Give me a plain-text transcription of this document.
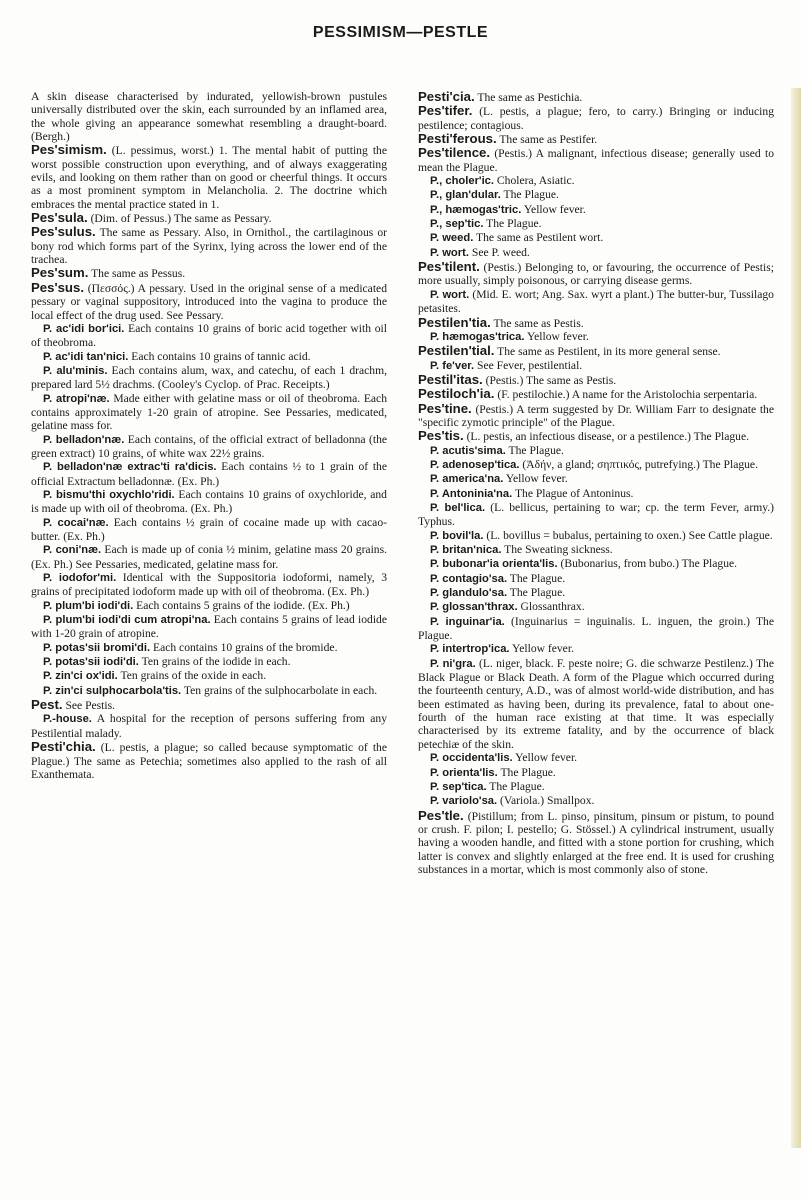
PESSIMISM—PESTLE

A skin disease characterised by indurated, yellowish-brown pustules universally distributed over the skin, each surrounded by an inflamed area, the whole giving an appearance somewhat resembling a draught-board. (Bergh.)

Pes'simism. (L. pessimus, worst.) 1. The mental habit of putting the worst possible construction upon everything, and of always exaggerating evils, and looking on them rather than on good or cheerful things. It occurs as a most prominent symptom in Melancholia. 2. The doctrine which embraces the mental practice stated in 1.

Pes'sula. (Dim. of Pessus.) The same as Pessary.

Pes'sulus. The same as Pessary. Also, in Ornithol., the cartilaginous or bony rod which forms part of the Syrinx, lying across the lower end of the trachea.

Pes'sum. The same as Pessus.

Pes'sus. (Πεσσός.) A pessary. Used in the original sense of a medicated pessary or vaginal suppository, introduced into the vagina to produce the local effect of the drug used. See Pessary.

P. ac'idi bor'ici. Each contains 10 grains of boric acid together with oil of theobroma.

P. ac'idi tan'nici. Each contains 10 grains of tannic acid.

P. alu'minis. Each contains alum, wax, and catechu, of each 1 drachm, prepared lard 5½ drachms. (Cooley's Cyclop. of Prac. Receipts.)

P. atropi'næ. Made either with gelatine mass or oil of theobroma. Each contains approximately 1-20 grain of atropine. See Pessaries, medicated, gelatine mass for.

P. belladon'næ. Each contains, of the official extract of belladonna (the green extract) 10 grains, of white wax 22½ grains.

P. belladon'næ extrac'ti ra'dicis. Each contains ½ to 1 grain of the official Extractum belladonnæ. (Ex. Ph.)

P. bismu'thi oxychlo'ridi. Each contains 10 grains of oxychloride, and is made up with oil of theobroma. (Ex. Ph.)

P. cocai'næ. Each contains ½ grain of cocaine made up with cacao-butter. (Ex. Ph.)

P. coni'næ. Each is made up of conia ½ minim, gelatine mass 20 grains. (Ex. Ph.) See Pessaries, medicated, gelatine mass for.

P. iodofor'mi. Identical with the Suppositoria iodoformi, namely, 3 grains of precipitated iodoform made up with oil of theobroma. (Ex. Ph.)

P. plum'bi iodi'di. Each contains 5 grains of the iodide. (Ex. Ph.)

P. plum'bi iodi'di cum atropi'na. Each contains 5 grains of lead iodide with 1-20 grain of atropine.

P. potas'sii bromi'di. Each contains 10 grains of the bromide.

P. potas'sii iodi'di. Ten grains of the iodide in each.

P. zin'ci ox'idi. Ten grains of the oxide in each.

P. zin'ci sulphocarbola'tis. Ten grains of the sulphocarbolate in each.

Pest. See Pestis.

P.-house. A hospital for the reception of persons suffering from any Pestilential malady.

Pesti'chia. (L. pestis, a plague; so called because symptomatic of the Plague.) The same as Petechia; sometimes also applied to the rash of all Exanthemata.

Pesti'cia. The same as Pestichia.

Pes'tifer. (L. pestis, a plague; fero, to carry.) Bringing or inducing pestilence; contagious.

Pesti'ferous. The same as Pestifer.

Pes'tilence. (Pestis.) A malignant, infectious disease; generally used to mean the Plague.

P., choler'ic. Cholera, Asiatic.

P., glan'dular. The Plague.

P., hæmogas'tric. Yellow fever.

P., sep'tic. The Plague.

P. weed. The same as Pestilent wort.

P. wort. See P. weed.

Pes'tilent. (Pestis.) Belonging to, or favouring, the occurrence of Pestis; more usually, simply poisonous, or carrying disease germs.

P. wort. (Mid. E. wort; Ang. Sax. wyrt a plant.) The butter-bur, Tussilago petasites.

Pestilen'tia. The same as Pestis.

P. hæmogas'trica. Yellow fever.

Pestilen'tial. The same as Pestilent, in its more general sense.

P. fe'ver. See Fever, pestilential.

Pestil'itas. (Pestis.) The same as Pestis.

Pestiloch'ia. (F. pestilochie.) A name for the Aristolochia serpentaria.

Pes'tine. (Pestis.) A term suggested by Dr. William Farr to designate the "specific zymotic principle" of the Plague.

Pes'tis. (L. pestis, an infectious disease, or a pestilence.) The Plague.

P. acutis'sima. The Plague.

P. adenosep'tica. (Ἀδήν, a gland; σηπτικός, putrefying.) The Plague.

P. america'na. Yellow fever.

P. Antoninia'na. The Plague of Antoninus.

P. bel'lica. (L. bellicus, pertaining to war; cp. the term Fever, army.) Typhus.

P. bovil'la. (L. bovillus = bubalus, pertaining to oxen.) See Cattle plague.

P. britan'nica. The Sweating sickness.

P. bubonar'ia orienta'lis. (Bubonarius, from bubo.) The Plague.

P. contagio'sa. The Plague.

P. glandulo'sa. The Plague.

P. glossan'thrax. Glossanthrax.

P. inguinar'ia. (Inguinarius = inguinalis. L. inguen, the groin.) The Plague.

P. intertrop'ica. Yellow fever.

P. ni'gra. (L. niger, black. F. peste noire; G. die schwarze Pestilenz.) The Black Plague or Black Death. A form of the Plague which occurred during the fourteenth century, A.D., was of almost world-wide distribution, and has been estimated as having been, during its prevalence, fatal to about one-fourth of the human race existing at that time. It was especially characterised by its extreme fatality, and by the occurrence of black petechiæ of the skin.

P. occidenta'lis. Yellow fever.

P. orienta'lis. The Plague.

P. sep'tica. The Plague.

P. variolo'sa. (Variola.) Smallpox.

Pes'tle. (Pistillum; from L. pinso, pinsitum, pinsum or pistum, to pound or crush. F. pilon; I. pestello; G. Stössel.) A cylindrical instrument, usually having a wooden handle, and fitted with a stone portion for crushing, which latter is convex and slightly enlarged at the free end. It is used for crushing substances in a mortar, which is most commonly also of stone.
